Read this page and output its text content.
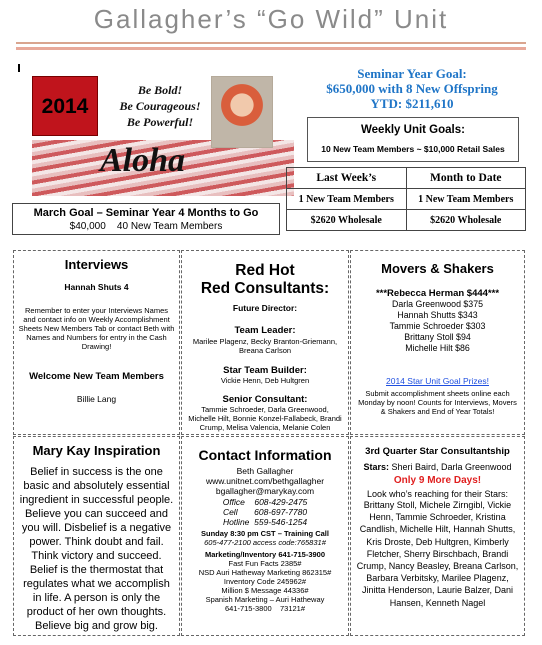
Gallagher’s “Go Wild” Unit
2014
Be Bold!
Be Courageous!
Be Powerful!
Aloha
Seminar Year Goal:
$650,000 with 8 New Offspring
YTD: $211,610
Weekly Unit Goals:
10 New Team Members ~ $10,000 Retail Sales
Last Week’s	Month to Date
1 New Team Members	1 New Team Members
$2620 Wholesale	$2620 Wholesale
March Goal – Seminar Year 4 Months to Go
$40,000    40 New Team Members
Interviews
Hannah Shuts 4
Remember to enter your Interviews Names and contact info on Weekly Accomplishment Sheets New Members Tab or contact Beth with Names and Numbers for entry in the Cash Drawing!
Welcome New Team Members
Billie Lang
Red Hot
Red Consultants:
Future Director:
Team Leader:
Marilee Plagenz, Becky Branton-Griemann, Breana Carlson
Star Team Builder:
Vickie Henn, Deb Hultgren
Senior Consultant:
Tammie Schroeder, Darla Greenwood, Michelle Hilt, Bonnie Konzel-Fallabeck, Brandi Crump, Melisa Valencia, Melanie Colen
Movers & Shakers
***Rebecca Herman $444***
Darla Greenwood $375
Hannah Shutts $343
Tammie Schroeder $303
Brittany Stoll $94
Michelle Hilt $86
2014 Star Unit Goal Prizes!
Submit accomplishment sheets online each Monday by noon! Counts for Interviews, Movers & Shakers and End of Year Totals!
Mary Kay Inspiration
Belief in success is the one basic and absolutely essential ingredient in successful people. Believe you can succeed and you will. Disbelief is a negative power. Think doubt and fail. Think victory and succeed. Belief is the thermostat that regulates what we accomplish in life. A person is only the product of her own thoughts. Believe big and grow big.
Contact Information
Beth Gallagher
www.unitnet.com/bethgallagher
bgallagher@marykay.com
Office    608-429-2475
Cell       608-697-7780
Hotline  559-546-1254
Sunday 8:30 pm CST – Training Call
605-477-2100 access code:765831#
Marketing/Inventory 641-715-3900
Fast Fun Facts 2385#
NSD Auri Hatheway Marketing 862315#
Inventory Code 245962#
Million $ Message 44336#
Spanish Marketing – Auri Hatheway
641-715-3800    73121#
3rd Quarter Star Consultantship
Stars: Sheri Baird, Darla Greenwood
Only 9 More Days!
Look who’s reaching for their Stars:
Brittany Stoll, Michele Zirngibl, Vickie Henn, Tammie Schroeder, Kristina Candlish, Michelle Hilt, Hannah Shutts, Kris Droste, Deb Hultgren, Kimberly Fletcher, Sherry Birschbach, Brandi Crump, Nancy Beasley, Breana Carlson, Barbara Verbitsky, Marilee Plagenz, Jinitta Henderson, Laurie Balzer, Dani Hansen, Kenneth Nagel
